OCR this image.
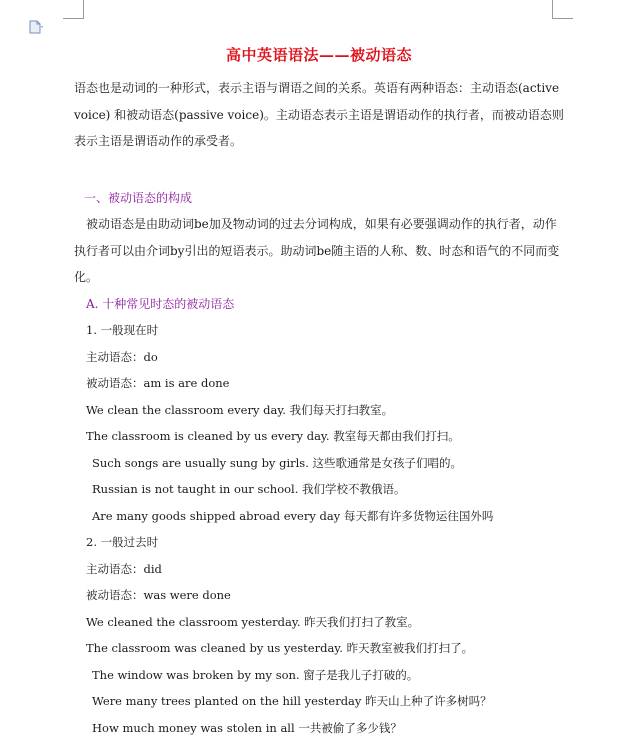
高中英语语法——被动语态

语态也是动词的一种形式，表示主语与谓语之间的关系。英语有两种语态：主动语态(active voice) 和被动语态(passive voice)。主动语态表示主语是谓语动作的执行者，而被动语态则表示主语是谓语动作的承受者。

一、被动语态的构成

被动语态是由助动词be加及物动词的过去分词构成，如果有必要强调动作的执行者，动作执行者可以由介词by引出的短语表示。助动词be随主语的人称、数、时态和语气的不同而变化。

A. 十种常见时态的被动语态
1. 一般现在时
主动语态：do
被动语态：am is are done
We clean the classroom every day. 我们每天打扫教室。
The classroom is cleaned by us every day. 教室每天都由我们打扫。
Such songs are usually sung by girls. 这些歌通常是女孩子们唱的。
Russian is not taught in our school. 我们学校不教俄语。
Are many goods shipped abroad every day 每天都有许多货物运往国外吗
2. 一般过去时
主动语态：did
被动语态：was were done
We cleaned the classroom yesterday. 昨天我们打扫了教室。
The classroom was cleaned by us yesterday. 昨天教室被我们打扫了。
The window was broken by my son. 窗子是我儿子打破的。
Were many trees planted on the hill yesterday 昨天山上种了许多树吗？
How much money was stolen in all 一共被偷了多少钱？
